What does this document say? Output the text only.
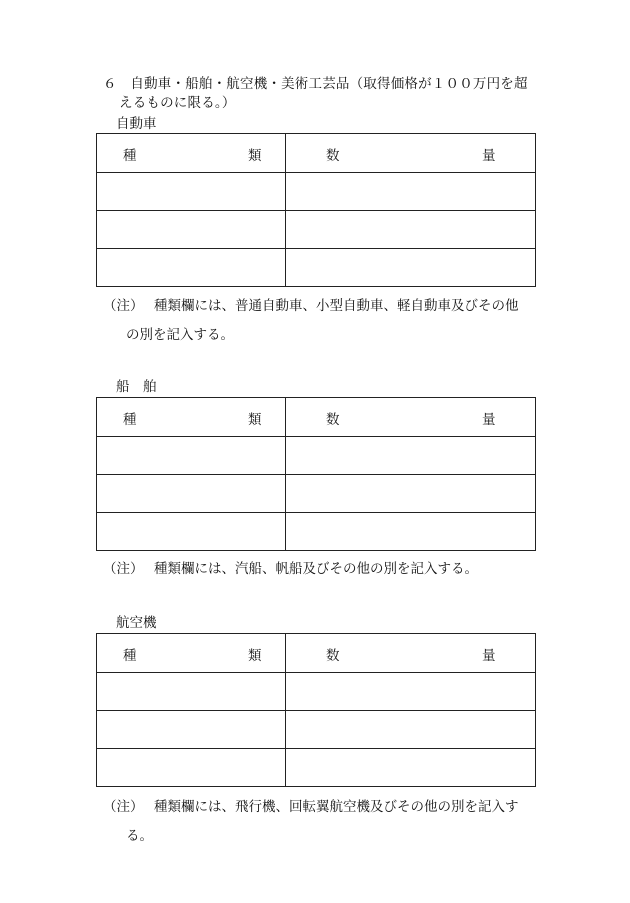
６　自動車・船舶・航空機・美術工芸品（取得価格が１００万円を超
えるものに限る。）
自動車
種 類	数 量

（注） 種類欄には、普通自動車、小型自動車、軽自動車及びその他
の別を記入する。
船　舶
種 類	数 量

（注） 種類欄には、汽船、帆船及びその他の別を記入する。
航空機
種 類	数 量

（注） 種類欄には、飛行機、回転翼航空機及びその他の別を記入す
る。
